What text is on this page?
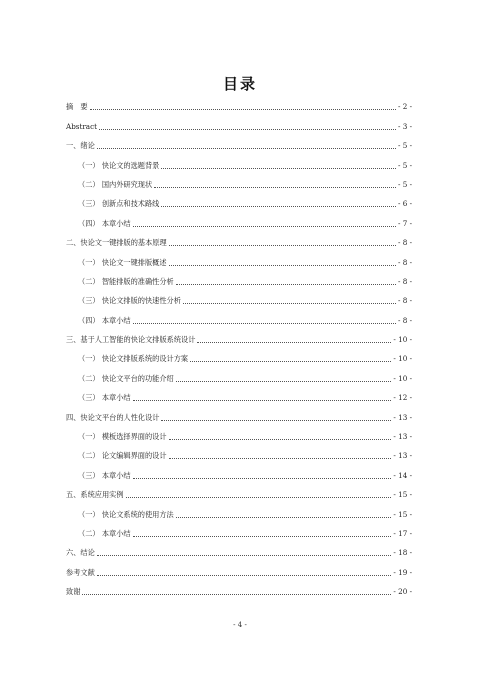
目录
摘　要	- 2 -
Abstract	- 3 -
一、绪论	- 5 -
（一） 快论文的选题背景	- 5 -
（二） 国内外研究现状	- 5 -
（三） 创新点和技术路线	- 6 -
（四） 本章小结	- 7 -
二、快论文一键排版的基本原理	- 8 -
（一） 快论文一键排版概述	- 8 -
（二） 智能排版的准确性分析	- 8 -
（三） 快论文排版的快速性分析	- 8 -
（四） 本章小结	- 8 -
三、基于人工智能的快论文排版系统设计	- 10 -
（一） 快论文排版系统的设计方案	- 10 -
（二） 快论文平台的功能介绍	- 10 -
（三） 本章小结	- 12 -
四、快论文平台的人性化设计	- 13 -
（一） 模板选择界面的设计	- 13 -
（二） 论文编辑界面的设计	- 13 -
（三） 本章小结	- 14 -
五、系统应用实例	- 15 -
（一） 快论文系统的使用方法	- 15 -
（二） 本章小结	- 17 -
六、结论	- 18 -
参考文献	- 19 -
致谢	- 20 -
- 4 -
